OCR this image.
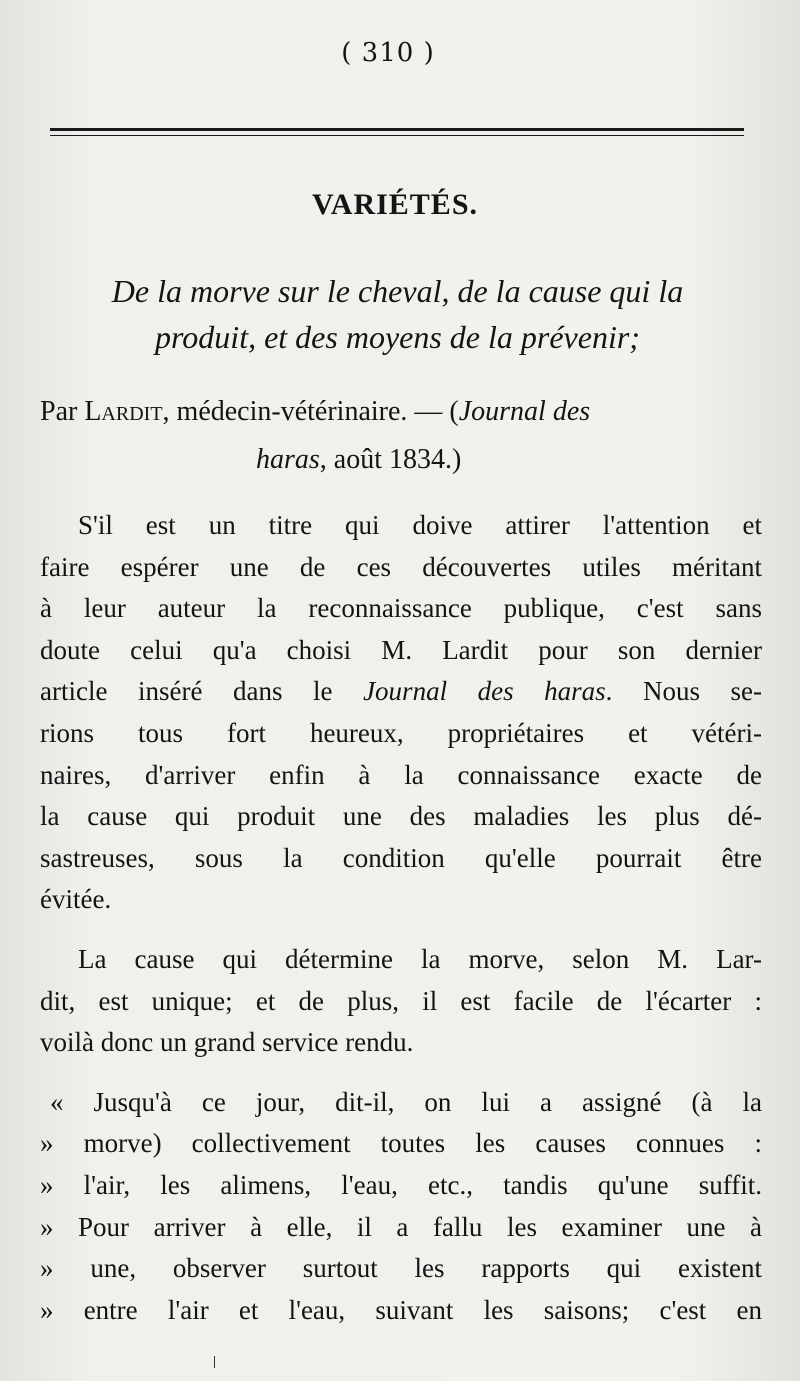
( 310 )
VARIÉTÉS.
De la morve sur le cheval, de la cause qui la
produit, et des moyens de la prévenir;
Par Lardit, médecin-vétérinaire. — (Journal des
haras, août 1834.)

S'il est un titre qui doive attirer l'attention et
faire espérer une de ces découvertes utiles méritant
à leur auteur la reconnaissance publique, c'est sans
doute celui qu'a choisi M. Lardit pour son dernier
article inséré dans le Journal des haras. Nous se-
rions tous fort heureux, propriétaires et vétéri-
naires, d'arriver enfin à la connaissance exacte de
la cause qui produit une des maladies les plus dé-
sastreuses, sous la condition qu'elle pourrait être
évitée.

La cause qui détermine la morve, selon M. Lar-
dit, est unique; et de plus, il est facile de l'écarter :
voilà donc un grand service rendu.

« Jusqu'à ce jour, dit-il, on lui a assigné (à la
» morve) collectivement toutes les causes connues :
» l'air, les alimens, l'eau, etc., tandis qu'une suffit.
» Pour arriver à elle, il a fallu les examiner une à
» une, observer surtout les rapports qui existent
» entre l'air et l'eau, suivant les saisons; c'est en
